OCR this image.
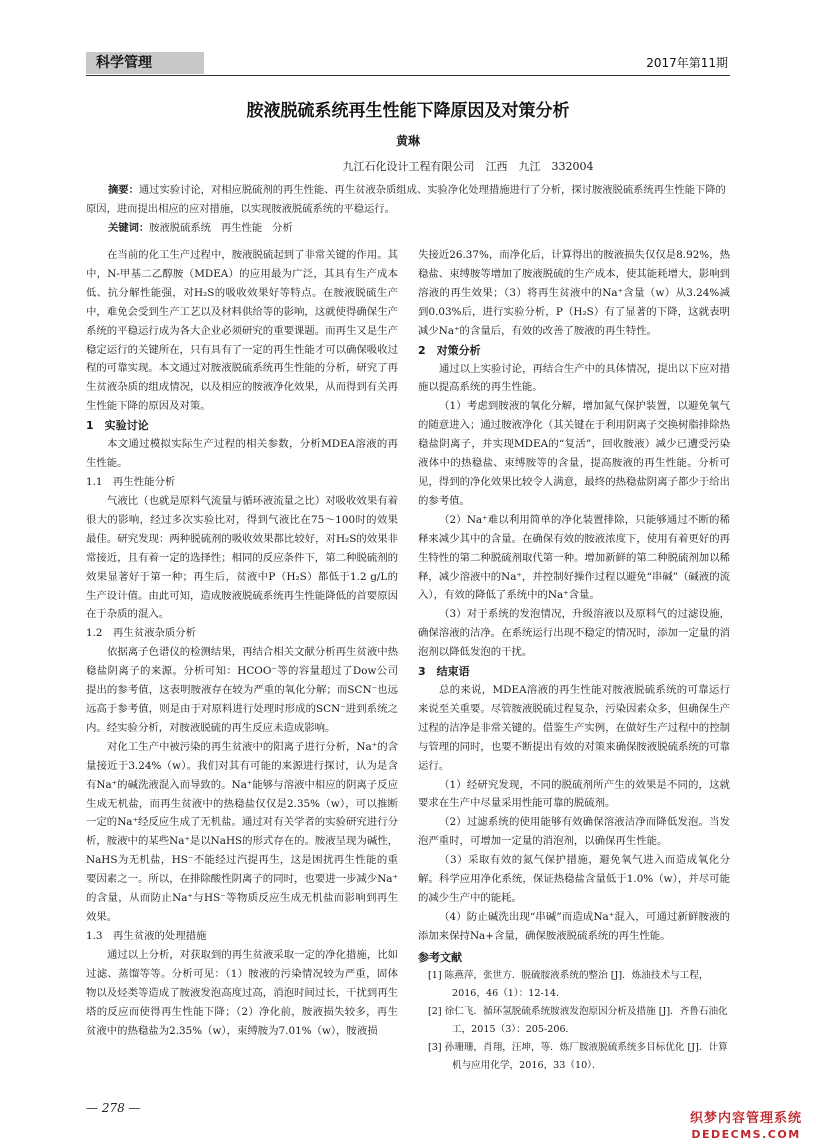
科学管理	2017年第11期
胺液脱硫系统再生性能下降原因及对策分析
黄琳
九江石化设计工程有限公司　江西　九江　332004
摘要：通过实验讨论，对相应脱硫剂的再生性能、再生贫液杂质组成、实验净化处理措施进行了分析，探讨胺液脱硫系统再生性能下降的原因，进而提出相应的应对措施，以实现胺液脱硫系统的平稳运行。
关键词：胺液脱硫系统 再生性能 分析

在当前的化工生产过程中，胺液脱硫起到了非常关键的作用。其中，N-甲基二乙醇胺（MDEA）的应用最为广泛，其具有生产成本低、抗分解性能强，对H₂S的吸收效果好等特点。在胺液脱硫生产中，难免会受到生产工艺以及材料供给等的影响，这就使得确保生产系统的平稳运行成为各大企业必须研究的重要课题。而再生又是生产稳定运行的关键所在，只有具有了一定的再生性能才可以确保吸收过程的可靠实现。本文通过对胺液脱硫系统再生性能的分析，研究了再生贫液杂质的组成情况，以及相应的胺液净化效果，从而得到有关再生性能下降的原因及对策。

1　实验讨论

本文通过模拟实际生产过程的相关参数，分析MDEA溶液的再生性能。

1.1　再生性能分析

气液比（也就是原料气流量与循环液流量之比）对吸收效果有着很大的影响，经过多次实验比对，得到气液比在75～100时的效果最佳。研究发现：两种脱硫剂的吸收效果都比较好，对H₂S的效果非常接近，且有着一定的选择性；相同的反应条件下，第二种脱硫剂的效果显著好于第一种；再生后，贫液中P（H₂S）都低于1.2 g/L的生产设计值。由此可知，造成胺液脱硫系统再生性能降低的首要原因在于杂质的混入。

1.2　再生贫液杂质分析

依据离子色谱仪的检测结果，再结合相关文献分析再生贫液中热稳盐阴离子的来源。分析可知：HCOO⁻等的容量超过了Dow公司提出的参考值，这表明胺液存在较为严重的氧化分解；而SCN⁻也远远高于参考值，则是由于对原料进行处理时形成的SCN⁻进到系统之内。经实验分析，对胺液脱硫的再生反应未造成影响。

对化工生产中被污染的再生贫液中的阳离子进行分析，Na⁺的含量接近于3.24%（w）。我们对其有可能的来源进行探讨，认为是含有Na⁺的碱洗液混入而导致的。Na⁺能够与溶液中相应的阴离子反应生成无机盐，而再生贫液中的热稳盐仅仅是2.35%（w），可以推断一定的Na⁺经反应生成了无机盐。通过对有关学者的实验研究进行分析，胺液中的某些Na⁺是以NaHS的形式存在的。胺液呈现为碱性，NaHS为无机盐，HS⁻不能经过汽提再生，这是困扰再生性能的重要因素之一。所以，在排除酸性阴离子的同时，也要进一步减少Na⁺的含量，从而防止Na⁺与HS⁻等物质反应生成无机盐而影响到再生效果。

1.3　再生贫液的处理措施

通过以上分析，对获取到的再生贫液采取一定的净化措施，比如过滤、蒸馏等等。分析可见：（1）胺液的污染情况较为严重，固体物以及烃类等造成了胺液发泡高度过高，消泡时间过长，干扰到再生塔的反应而使得再生性能下降；（2）净化前，胺液损失较多，再生贫液中的热稳盐为2.35%（w），束缚胺为7.01%（w），胺液损

失接近26.37%，而净化后，计算得出的胺液损失仅仅是8.92%，热稳盐、束缚胺等增加了胺液脱硫的生产成本，使其能耗增大，影响到溶液的再生效果；（3）将再生贫液中的Na⁺含量（w）从3.24%减到0.03%后，进行实验分析，P（H₂S）有了显著的下降，这就表明减少Na⁺的含量后，有效的改善了胺液的再生特性。

2　对策分析

通过以上实验讨论，再结合生产中的具体情况，提出以下应对措施以提高系统的再生性能。

（1）考虑到胺液的氧化分解，增加氮气保护装置，以避免氧气的随意进入；通过胺液净化（其关键在于利用阴离子交换树脂排除热稳盐阴离子，并实现MDEA的“复活”，回收胺液）减少已遭受污染液体中的热稳盐、束缚胺等的含量，提高胺液的再生性能。分析可见，得到的净化效果比较令人满意，最终的热稳盐阴离子都少于给出的参考值。

（2）Na⁺难以利用简单的净化装置排除，只能够通过不断的稀释来减少其中的含量。在确保有效的胺液浓度下，使用有着更好的再生特性的第二种脱硫剂取代第一种。增加新鲜的第二种脱硫剂加以稀释，减少溶液中的Na⁺，并控制好操作过程以避免“串碱”（碱液的流入），有效的降低了系统中的Na⁺含量。

（3）对于系统的发泡情况，升级溶液以及原料气的过滤设施，确保溶液的洁净。在系统运行出现不稳定的情况时，添加一定量的消泡剂以降低发泡的干扰。

3　结束语

总的来说，MDEA溶液的再生性能对胺液脱硫系统的可靠运行来说至关重要。尽管胺液脱硫过程复杂，污染因素众多，但确保生产过程的洁净是非常关键的。借鉴生产实例，在做好生产过程中的控制与管理的同时，也要不断提出有效的对策来确保胺液脱硫系统的可靠运行。

（1）经研究发现，不同的脱硫剂所产生的效果是不同的，这就要求在生产中尽量采用性能可靠的脱硫剂。

（2）过滤系统的使用能够有效确保溶液洁净而降低发泡。当发泡严重时，可增加一定量的消泡剂，以确保再生性能。

（3）采取有效的氮气保护措施，避免氧气进入而造成氧化分解。科学应用净化系统，保证热稳盐含量低于1.0%（w），并尽可能的减少生产中的能耗。

（4）防止碱洗出现“串碱”而造成Na⁺混入，可通过新鲜胺液的添加来保持Na+含量，确保胺液脱硫系统的再生性能。

参考文献

[1] 陈燕萍，张世方．脱硫胺液系统的整治 [J]．炼油技术与工程，2016，46（1）：12-14．

[2] 徐仁飞．循环氢脱硫系统胺液发泡原因分析及措施 [J]．齐鲁石油化工，2015（3）：205-206．

[3] 孙珊珊，肖翔，汪坤，等．炼厂胺液脱硫系统多目标优化 [J]．计算机与应用化学，2016，33（10）．

— 278 —
织梦内容管理系统
DEDECMS.COM
